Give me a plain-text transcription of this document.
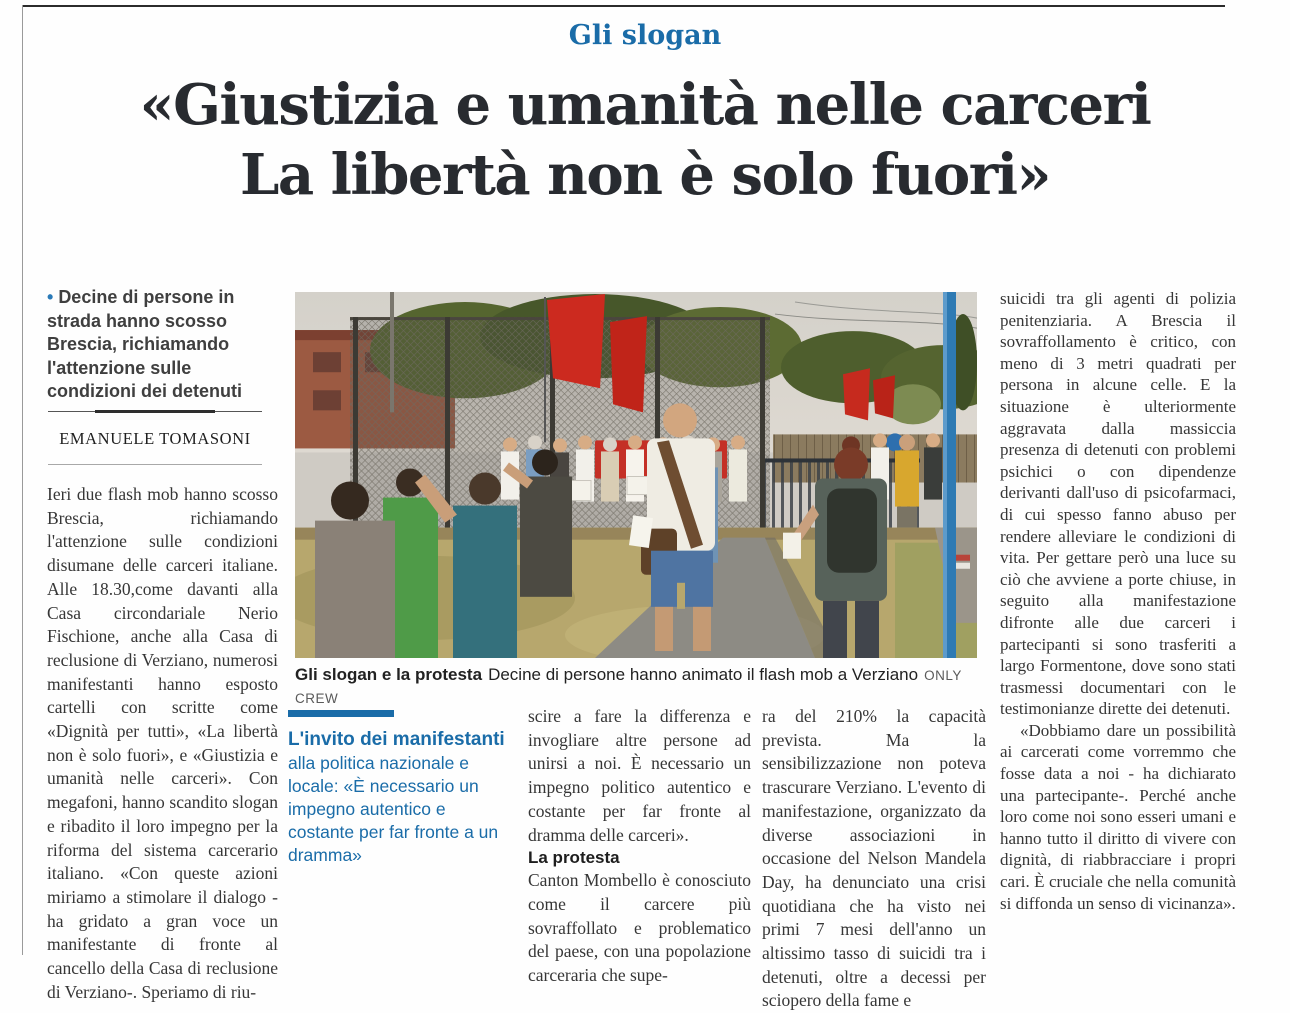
Gli slogan
«Giustizia e umanità nelle carceri
La libertà non è solo fuori»
• Decine di persone in strada hanno scosso Brescia, richiamando l'attenzione sulle condizioni dei detenuti
EMANUELE TOMASONI

Ieri due flash mob hanno scosso Brescia, richiamando l'attenzione sulle condizioni disumane delle carceri italiane. Alle 18.30,come davanti alla Casa circondariale Nerio Fischione, anche alla Casa di reclusione di Verziano, numerosi manifestanti hanno esposto cartelli con scritte come «Dignità per tutti», «La libertà non è solo fuori», e «Giustizia e umanità nelle carceri». Con megafoni, hanno scandito slogan e ribadito il loro impegno per la riforma del sistema carcerario italiano. «Con queste azioni miriamo a stimolare il dialogo - ha gridato a gran voce un manifestante di fronte al cancello della Casa di reclusione di Verziano-. Speriamo di riu-

Gli slogan e la protesta Decine di persone hanno animato il flash mob a Verziano ONLY CREW
L'invito dei manifestanti
alla politica nazionale e locale: «È necessario un impegno autentico e costante per far fronte a un dramma»

scire a fare la differenza e invogliare altre persone ad unirsi a noi. È necessario un impegno politico autentico e costante per far fronte al dramma delle carceri».

La protesta

Canton Mombello è conosciuto come il carcere più sovraffollato e problematico del paese, con una popolazione carceraria che supe-

ra del 210% la capacità prevista. Ma la sensibilizzazione non poteva trascurare Verziano. L'evento di manifestazione, organizzato da diverse associazioni in occasione del Nelson Mandela Day, ha denunciato una crisi quotidiana che ha visto nei primi 7 mesi dell'anno un altissimo tasso di suicidi tra i detenuti, oltre a decessi per sciopero della fame e

suicidi tra gli agenti di polizia penitenziaria. A Brescia il sovraffollamento è critico, con meno di 3 metri quadrati per persona in alcune celle. E la situazione è ulteriormente aggravata dalla massiccia presenza di detenuti con problemi psichici o con dipendenze derivanti dall'uso di psicofarmaci, di cui spesso fanno abuso per rendere alleviare le condizioni di vita. Per gettare però una luce su ciò che avviene a porte chiuse, in seguito alla manifestazione difronte alle due carceri i partecipanti si sono trasferiti a largo Formentone, dove sono stati trasmessi documentari con le testimonianze dirette dei detenuti.

«Dobbiamo dare un possibilità ai carcerati come vorremmo che fosse data a noi - ha dichiarato una partecipante-. Perché anche loro come noi sono esseri umani e hanno tutto il diritto di vivere con dignità, di riabbracciare i propri cari. È cruciale che nella comunità si diffonda un senso di vicinanza».
